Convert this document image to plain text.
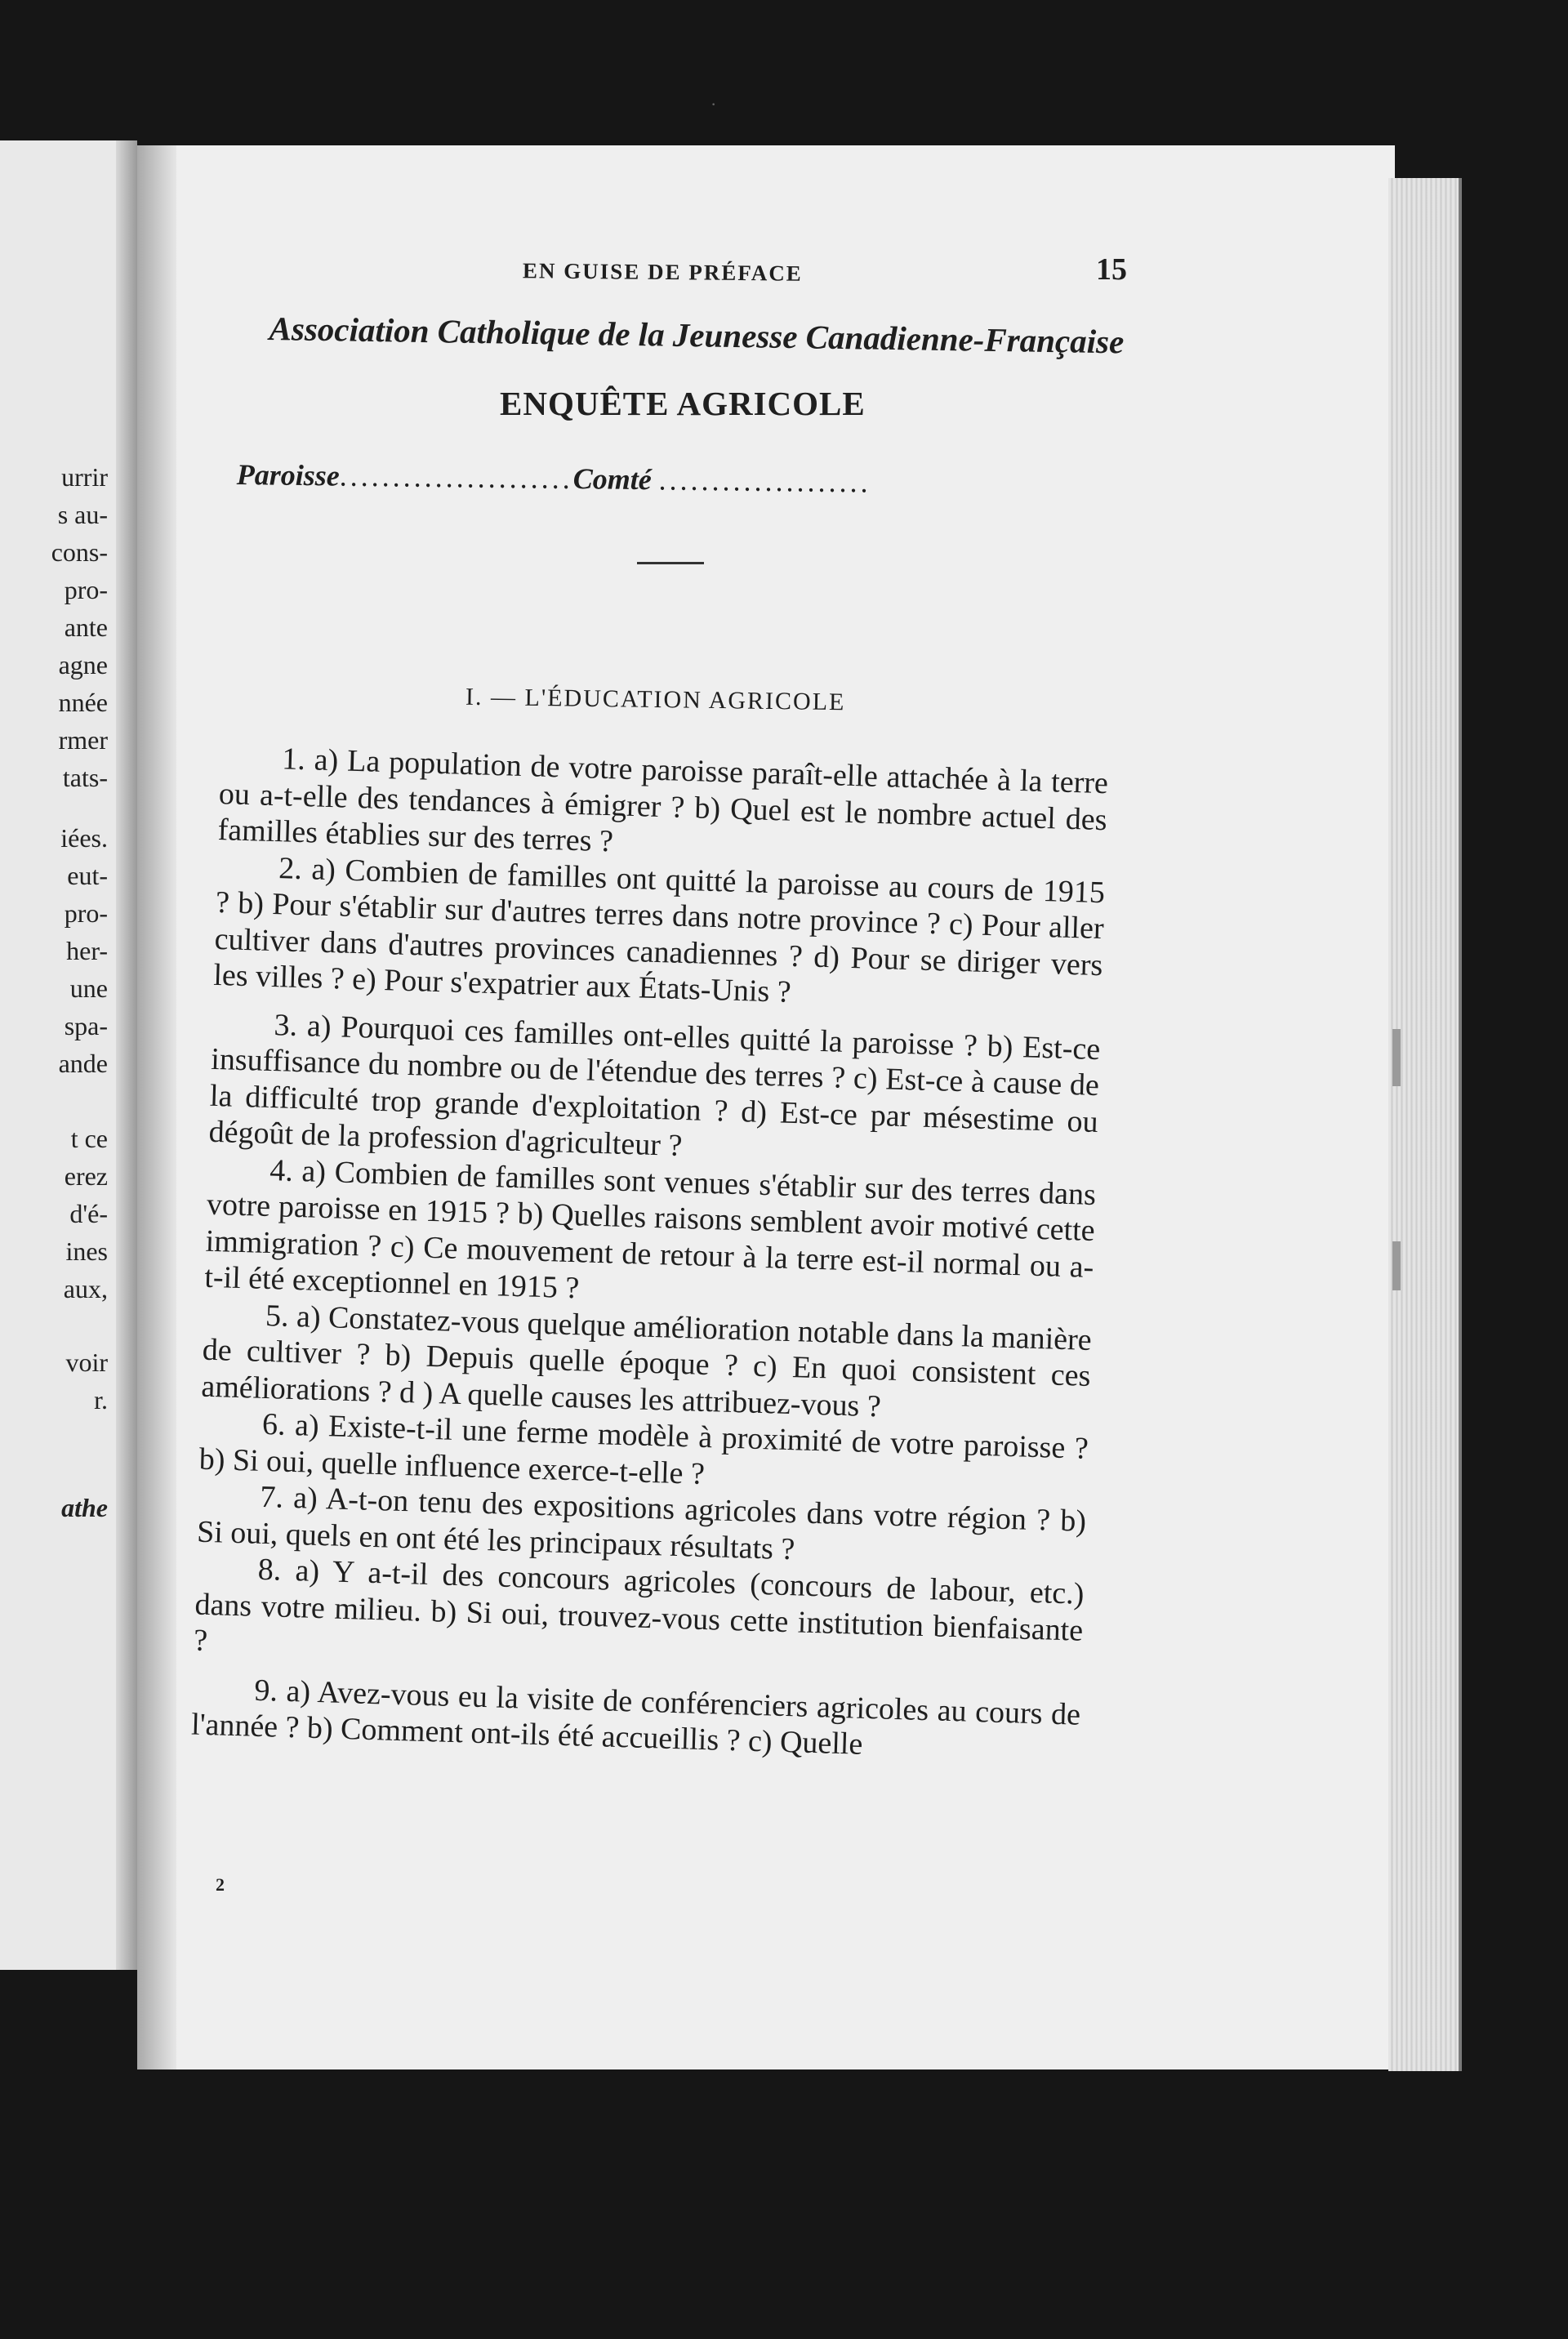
urrir
s au-
cons-
pro-
ante
agne
nnée
rmer
tats-
iées.
eut-
pro-
her-
une
spa-
ande
t ce
erez
d'é-
ines
aux,
voir
r.
athe
·
EN GUISE DE PRÉFACE	15
Association Catholique de la Jeunesse Canadienne-Française
ENQUÊTE AGRICOLE
Paroisse......................Comté ....................
I. — L'ÉDUCATION AGRICOLE

1. a) La population de votre paroisse paraît-elle attachée à la terre ou a-t-elle des tendances à émigrer ? b) Quel est le nombre actuel des familles établies sur des terres ?

2. a) Combien de familles ont quitté la paroisse au cours de 1915 ? b) Pour s'établir sur d'autres terres dans notre province ? c) Pour aller cultiver dans d'autres provinces canadiennes ? d) Pour se diriger vers les villes ? e) Pour s'expatrier aux États-Unis ?

3. a) Pourquoi ces familles ont-elles quitté la paroisse ? b) Est-ce insuffisance du nombre ou de l'étendue des terres ? c) Est-ce à cause de la difficulté trop grande d'exploitation ? d) Est-ce par mésestime ou dégoût de la profession d'agriculteur ?

4. a) Combien de familles sont venues s'établir sur des terres dans votre paroisse en 1915 ? b) Quelles raisons semblent avoir motivé cette immigration ? c) Ce mouvement de retour à la terre est-il normal ou a-t-il été exceptionnel en 1915 ?

5. a) Constatez-vous quelque amélioration notable dans la manière de cultiver ? b) Depuis quelle époque ? c) En quoi consistent ces améliorations ? d ) A quelle causes les attribuez-vous ?

6. a) Existe-t-il une ferme modèle à proximité de votre paroisse ? b) Si oui, quelle influence exerce-t-elle ?

7. a) A-t-on tenu des expositions agricoles dans votre région ? b) Si oui, quels en ont été les principaux résultats ?

8. a) Y a-t-il des concours agricoles (concours de labour, etc.) dans votre milieu. b) Si oui, trouvez-vous cette institution bienfaisante ?

9. a) Avez-vous eu la visite de conférenciers agricoles au cours de l'année ? b) Comment ont-ils été accueillis ? c) Quelle

2
